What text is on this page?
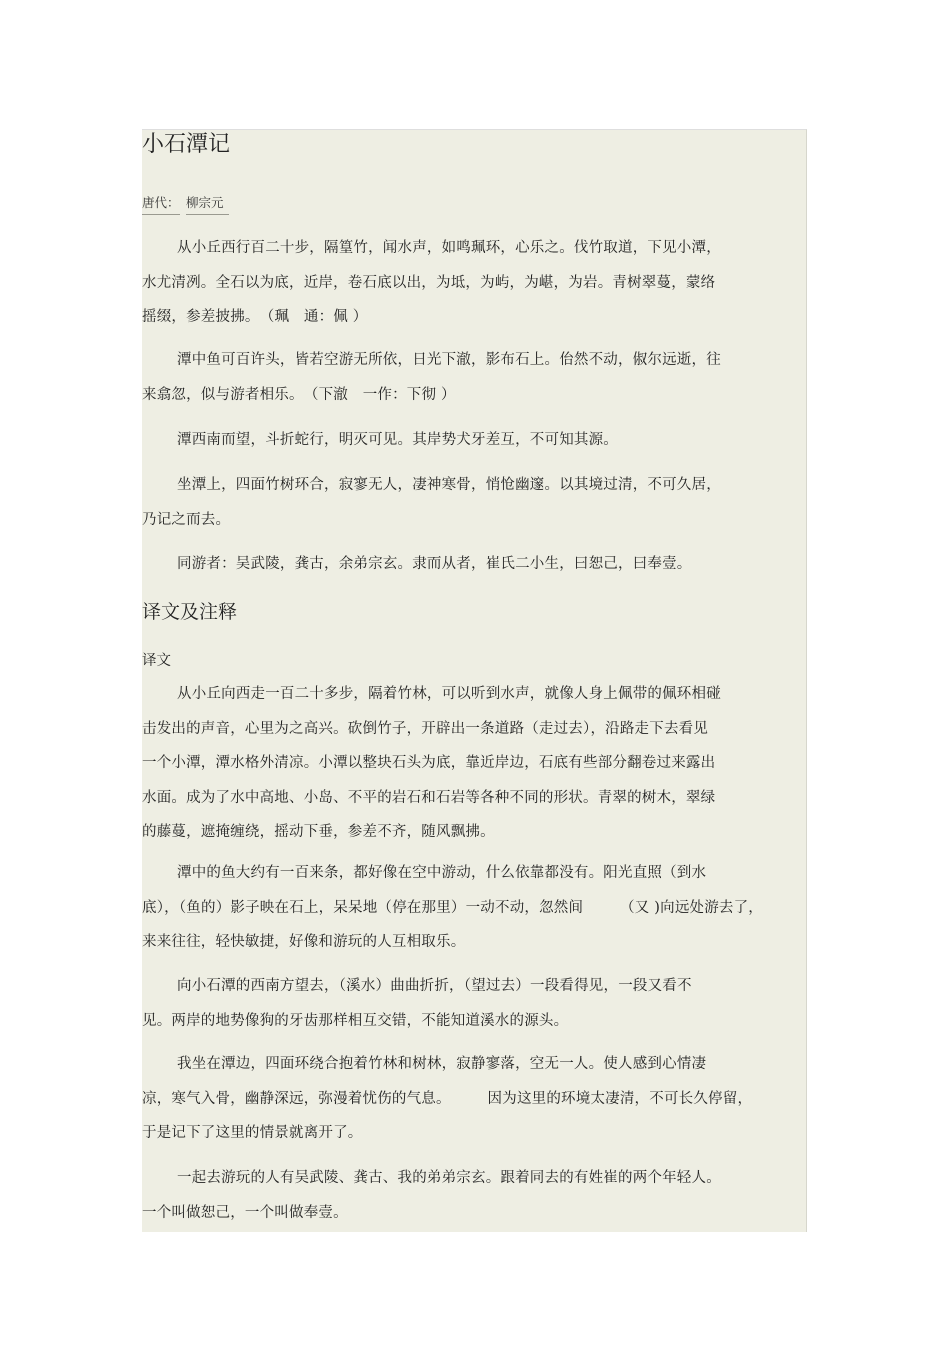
小石潭记
唐代： 柳宗元
从小丘西行百二十步，隔篁竹，闻水声，如鸣珮环，心乐之。伐竹取道，下见小潭，
水尤清冽。全石以为底，近岸，卷石底以出，为坻，为屿，为嵁，为岩。青树翠蔓，蒙络
摇缀，参差披拂。　（珮　通：佩 ）
潭中鱼可百许头，皆若空游无所依，日光下澈，影布石上。佁然不动，俶尔远逝，往
来翕忽，似与游者相乐。　（下澈　一作：下彻 ）
潭西南而望，斗折蛇行，明灭可见。其岸势犬牙差互，不可知其源。
坐潭上，四面竹树环合，寂寥无人，凄神寒骨，悄怆幽邃。以其境过清，不可久居，
乃记之而去。
同游者：吴武陵，龚古，余弟宗玄。隶而从者，崔氏二小生，曰恕己，曰奉壹。
译文及注释
译文
从小丘向西走一百二十多步，隔着竹林，可以听到水声，就像人身上佩带的佩环相碰
击发出的声音，心里为之高兴。砍倒竹子，开辟出一条道路（走过去），沿路走下去看见
一个小潭，潭水格外清凉。小潭以整块石头为底，靠近岸边，石底有些部分翻卷过来露出
水面。成为了水中高地、小岛、不平的岩石和石岩等各种不同的形状。青翠的树木，翠绿
的藤蔓，遮掩缠绕，摇动下垂，参差不齐，随风飘拂。
潭中的鱼大约有一百来条，都好像在空中游动，什么依靠都没有。阳光直照（到水
底），（鱼的）影子映在石上，呆呆地（停在那里）一动不动，忽然间　　　（又 )向远处游去了，
来来往往，轻快敏捷，好像和游玩的人互相取乐。
向小石潭的西南方望去，（溪水）曲曲折折，（望过去）一段看得见，一段又看不
见。两岸的地势像狗的牙齿那样相互交错，不能知道溪水的源头。
我坐在潭边，四面环绕合抱着竹林和树林，寂静寥落，空无一人。使人感到心情凄
凉，寒气入骨，幽静深远，弥漫着忧伤的气息。　　　因为这里的环境太凄清，不可长久停留，
于是记下了这里的情景就离开了。
一起去游玩的人有吴武陵、龚古、我的弟弟宗玄。跟着同去的有姓崔的两个年轻人。
一个叫做恕己，一个叫做奉壹。
